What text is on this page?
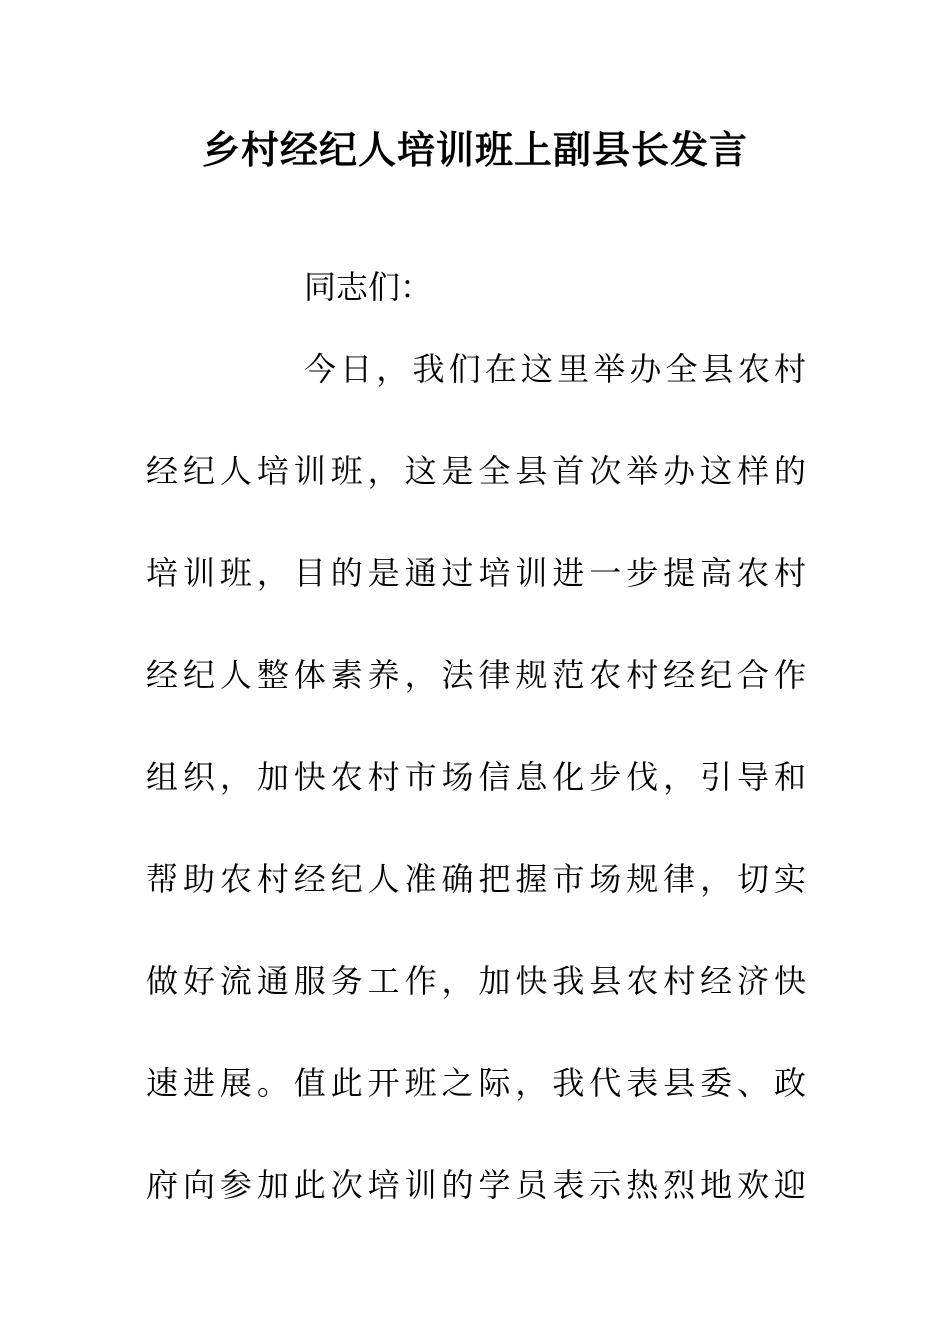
乡村经纪人培训班上副县长发言

同志们：

今日，我们在这里举办全县农村
经纪人培训班，这是全县首次举办这样的
培训班，目的是通过培训进一步提高农村
经纪人整体素养，法律规范农村经纪合作
组织，加快农村市场信息化步伐，引导和
帮助农村经纪人准确把握市场规律，切实
做好流通服务工作，加快我县农村经济快
速进展。值此开班之际，我代表县委、政
府向参加此次培训的学员表示热烈地欢迎
